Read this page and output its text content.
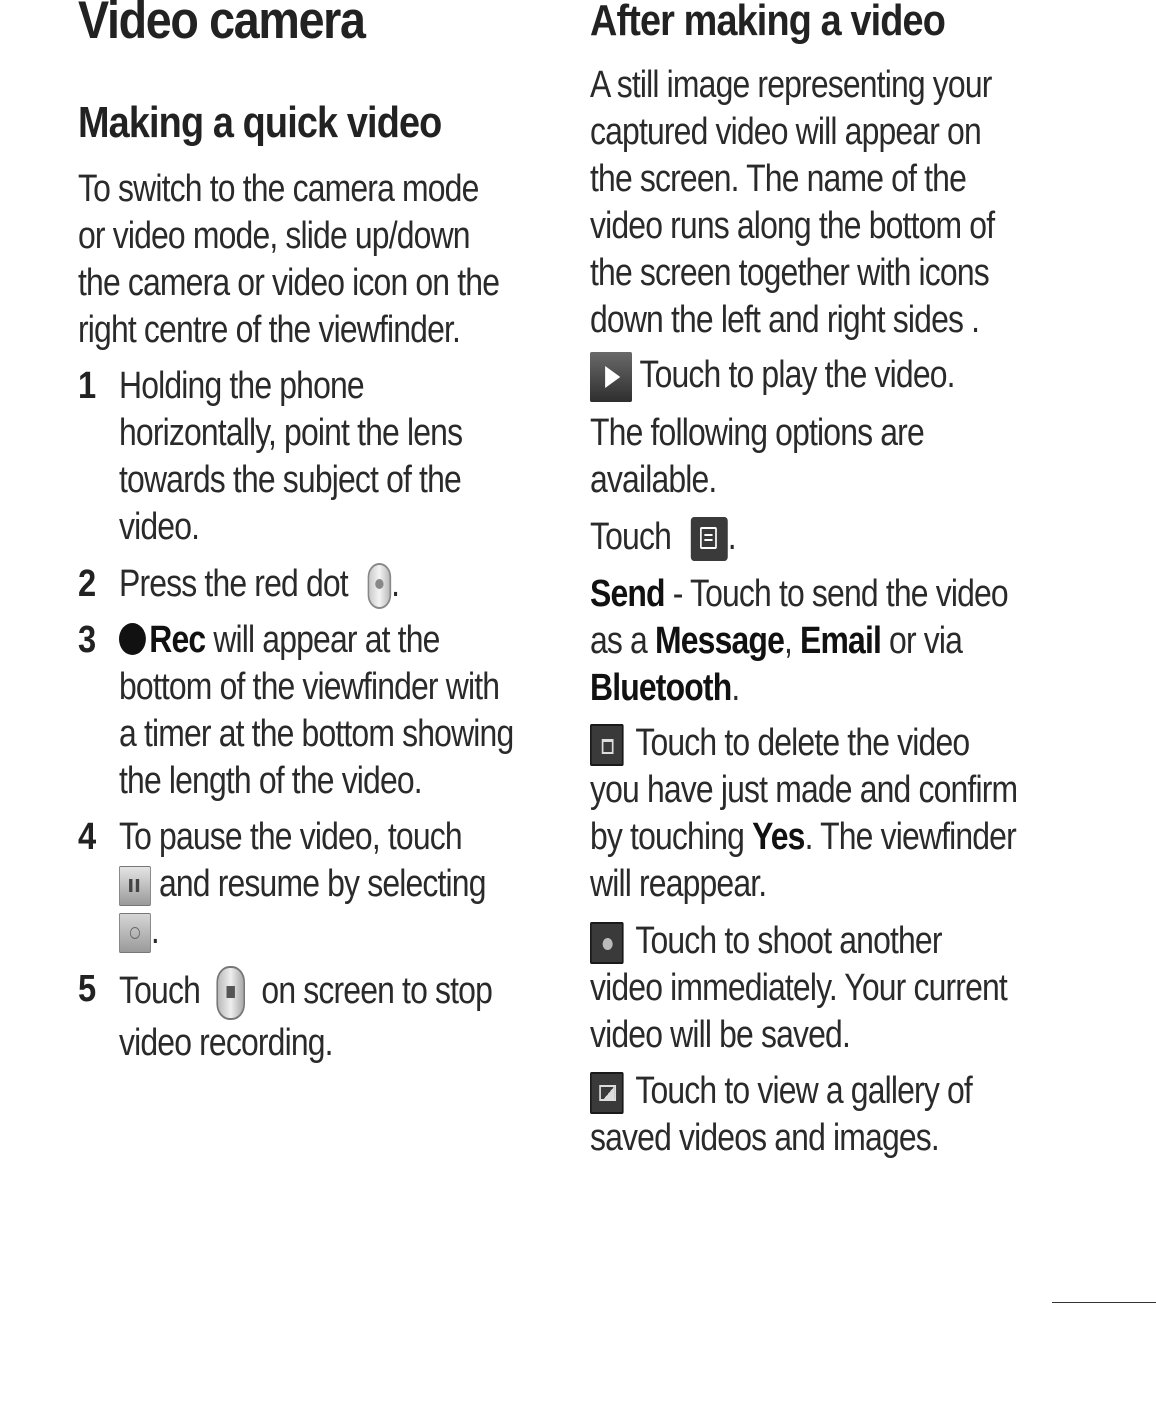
Video camera
Making a quick video
To switch to the camera mode
or video mode, slide up/down
the camera or video icon on the
right centre of the viewfinder.
1 Holding the phone
horizontally, point the lens
towards the subject of the
video.
2 Press the red dot .
3	Rec will appear at the
bottom of the viewfinder with
a timer at the bottom showing
the length of the video.
4 To pause the video, touch
and resume by selecting
.
5 Touch on screen to stop
video recording.
After making a video
A still image representing your
captured video will appear on
the screen. The name of the
video runs along the bottom of
the screen together with icons
down the left and right sides .
Touch to play the video.
The following options are
available.
Touch .
Send - Touch to send the video
as a Message, Email or via
Bluetooth.
Touch to delete the video
you have just made and confirm
by touching Yes. The viewfinder
will reappear.
Touch to shoot another
video immediately. Your current
video will be saved.
Touch to view a gallery of
saved videos and images.
